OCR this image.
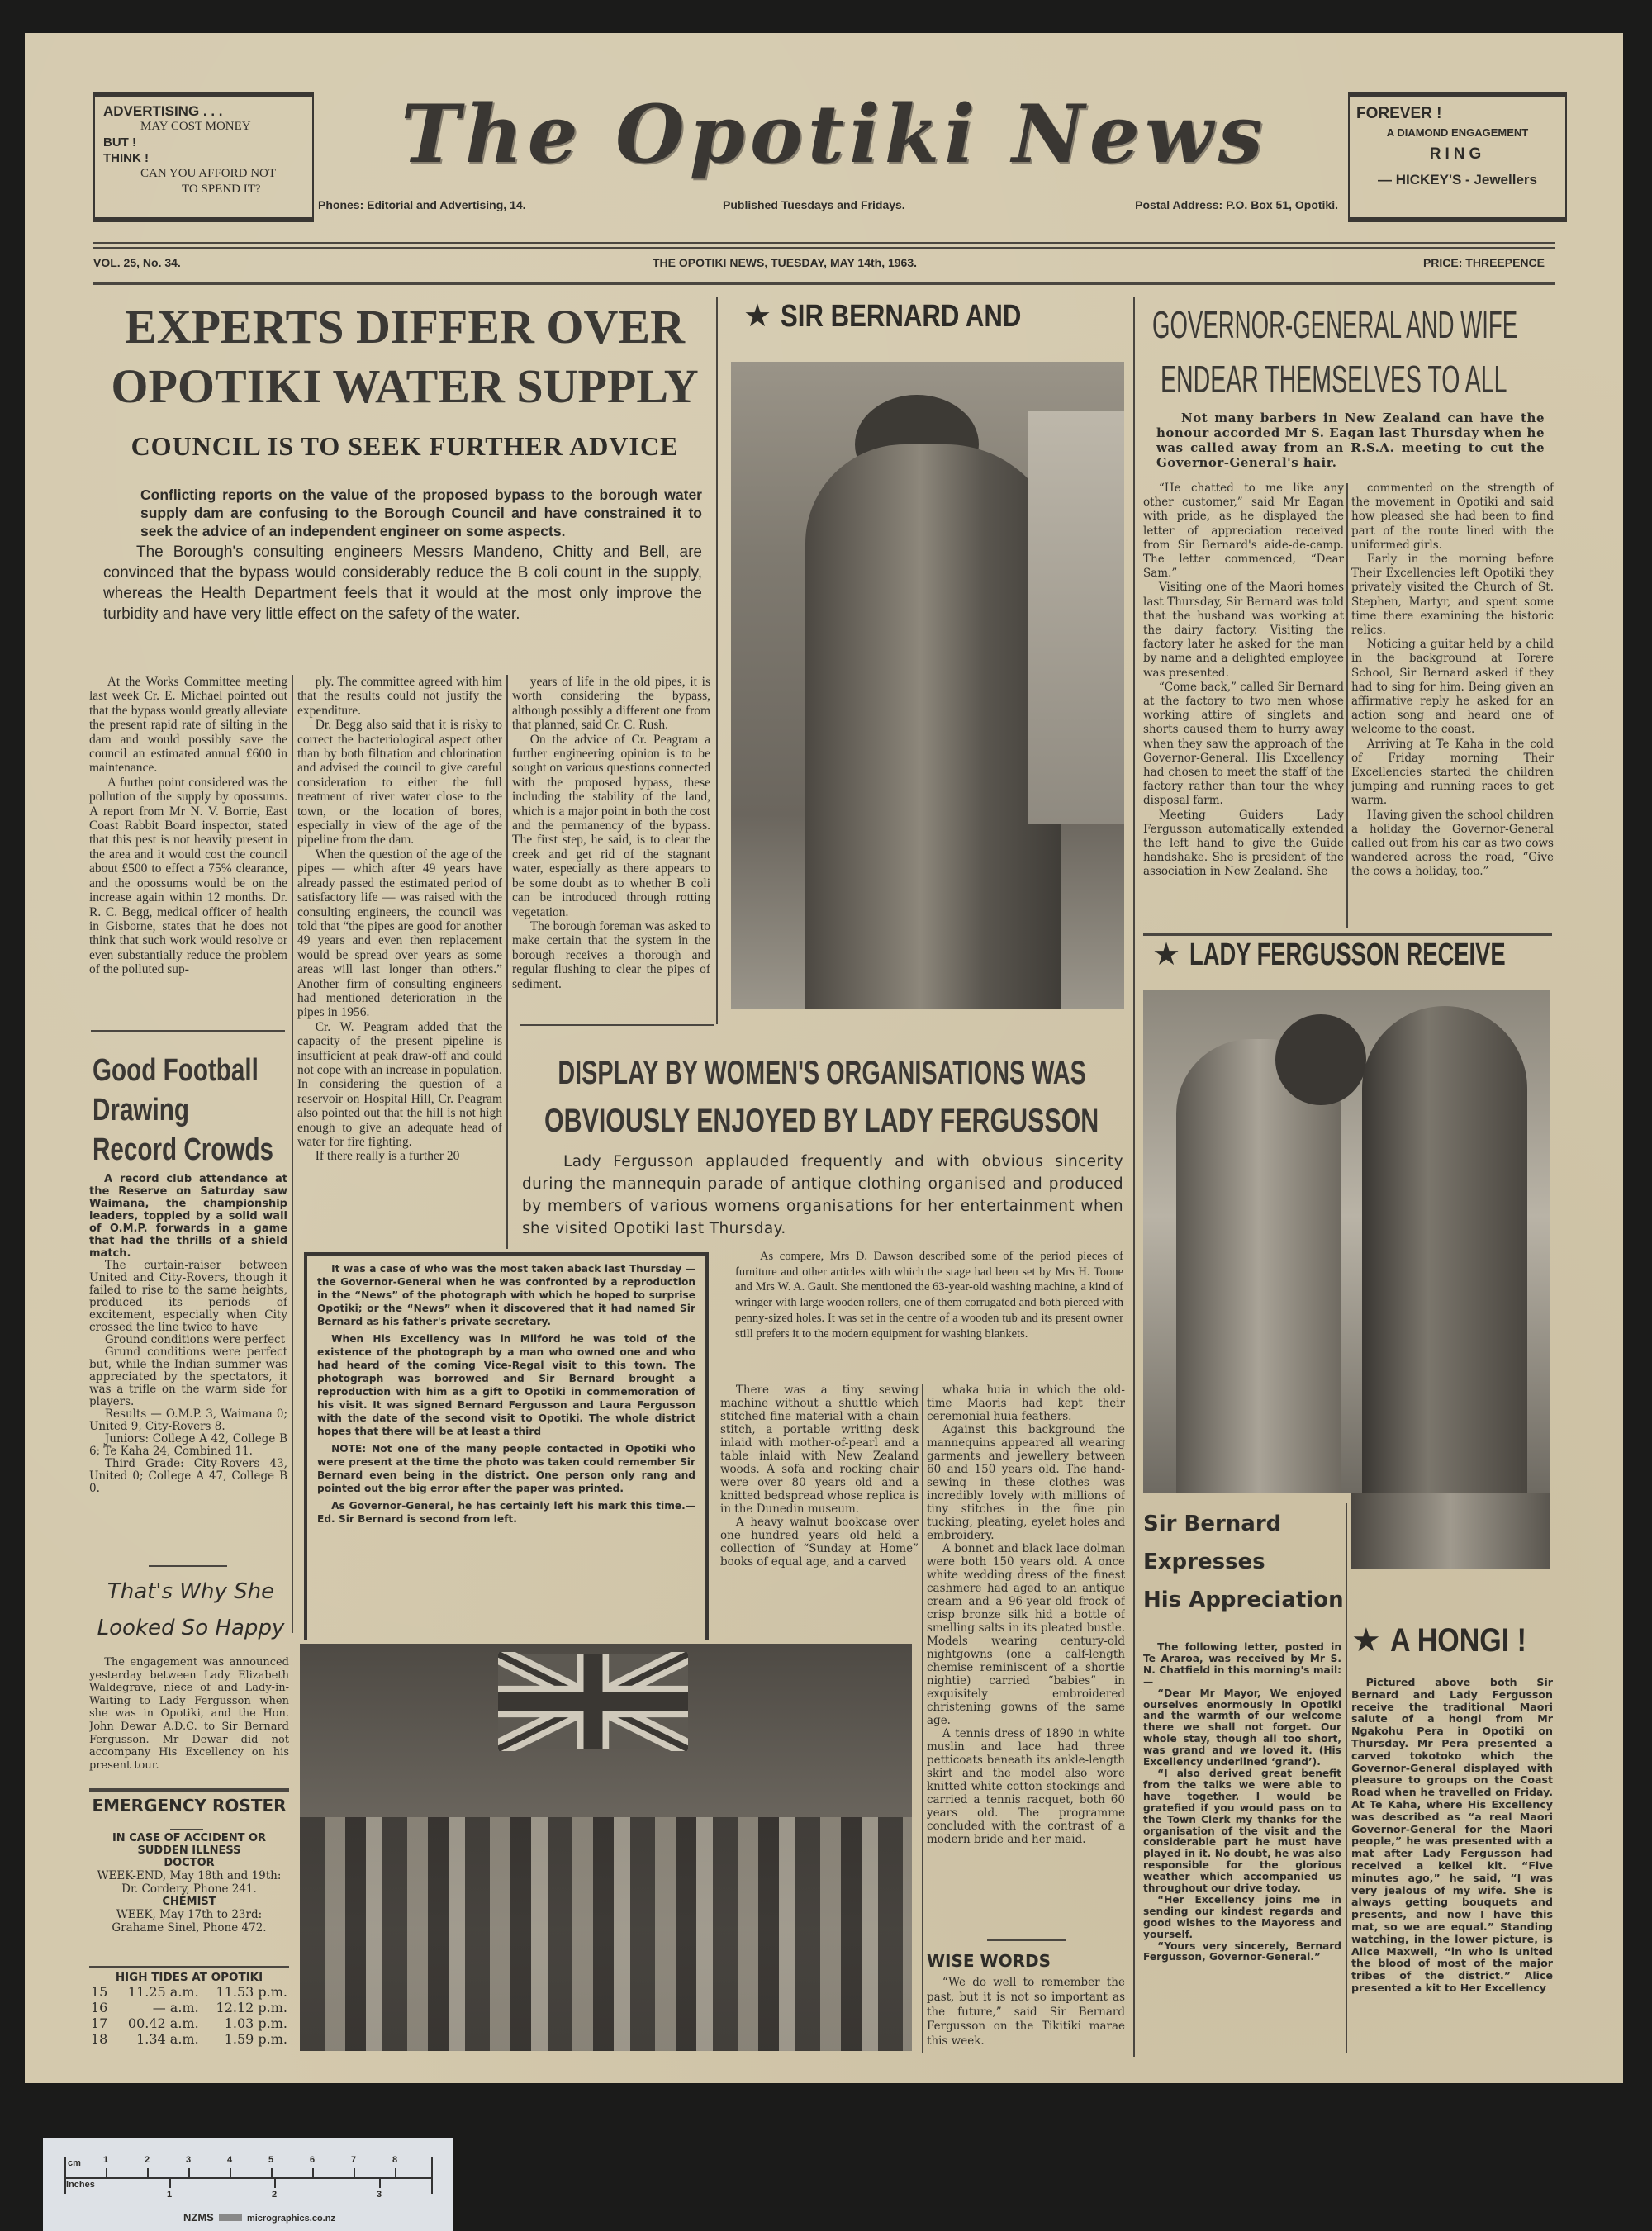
ADVERTISING . . .
MAY COST MONEY
BUT !
THINK !
CAN YOU AFFORD NOT
TO SPEND IT?
The Opotiki News	FOREVER !
A DIAMOND ENGAGEMENT
RING
— HICKEY'S - Jewellers
Phones: Editorial and Advertising, 14.	Published Tuesdays and Fridays.	Postal Address: P.O. Box 51, Opotiki.
VOL. 25, No. 34.	THE OPOTIKI NEWS, TUESDAY, MAY 14th, 1963.	PRICE: THREEPENCE
EXPERTS DIFFER OVER
OPOTIKI WATER SUPPLY
COUNCIL IS TO SEEK FURTHER ADVICE
Conflicting reports on the value of the proposed bypass to the borough water supply dam are confusing to the Borough Council and have constrained it to seek the advice of an independent engineer on some aspects.
The Borough's consulting engineers Messrs Mandeno, Chitty and Bell, are convinced that the bypass would considerably reduce the B coli count in the supply, whereas the Health Department feels that it would at the most only improve the turbidity and have very little effect on the safety of the water.

At the Works Committee meeting last week Cr. E. Michael pointed out that the bypass would greatly alleviate the present rapid rate of silting in the dam and would possibly save the council an estimated annual £600 in maintenance.

A further point considered was the pollution of the supply by opossums. A report from Mr N. V. Borrie, East Coast Rabbit Board inspector, stated that this pest is not heavily present in the area and it would cost the council about £500 to effect a 75% clearance, and the opossums would be on the increase again within 12 months. Dr. R. C. Begg, medical officer of health in Gisborne, states that he does not think that such work would resolve or even substantially reduce the problem of the polluted sup-

ply. The committee agreed with him that the results could not justify the expenditure.

Dr. Begg also said that it is risky to correct the bacteriological aspect other than by both filtration and chlorination and advised the council to give careful consideration to either the full treatment of river water close to the town, or the location of bores, especially in view of the age of the pipeline from the dam.

When the question of the age of the pipes — which after 49 years have already passed the estimated period of satisfactory life — was raised with the consulting engineers, the council was told that “the pipes are good for another 49 years and even then replacement would be spread over years as some areas will last longer than others.” Another firm of consulting engineers had mentioned deterioration in the pipes in 1956.

Cr. W. Peagram added that the capacity of the present pipeline is insufficient at peak draw-off and could not cope with an increase in population. In considering the question of a reservoir on Hospital Hill, Cr. Peagram also pointed out that the hill is not high enough to give an adequate head of water for fire fighting.

If there really is a further 20

years of life in the old pipes, it is worth considering the bypass, although possibly a different one from that planned, said Cr. C. Rush.

On the advice of Cr. Peagram a further engineering opinion is to be sought on various questions connected with the proposed bypass, these including the stability of the land, which is a major point in both the cost and the permanency of the bypass. The first step, he said, is to clear the creek and get rid of the stagnant water, especially as there appears to be some doubt as to whether B coli can be introduced through rotting vegetation.

The borough foreman was asked to make certain that the system in the borough receives a thorough and regular flushing to clear the pipes of sediment.

★ SIR BERNARD AND	GOVERNOR-GENERAL AND WIFE
ENDEAR THEMSELVES TO ALL
Not many barbers in New Zealand can have the honour accorded Mr S. Eagan last Thursday when he was called away from an R.S.A. meeting to cut the Governor-General's hair.

“He chatted to me like any other customer,” said Mr Eagan with pride, as he displayed the letter of appreciation received from Sir Bernard's aide-de-camp. The letter commenced, “Dear Sam.”

Visiting one of the Maori homes last Thursday, Sir Bernard was told that the husband was working at the dairy factory. Visiting the factory later he asked for the man by name and a delighted employee was presented.

“Come back,” called Sir Bernard at the factory to two men whose working attire of singlets and shorts caused them to hurry away when they saw the approach of the Governor-General. His Excellency had chosen to meet the staff of the factory rather than tour the whey disposal farm.

Meeting Guiders Lady Fergusson automatically extended the left hand to give the Guide handshake. She is president of the association in New Zealand. She

commented on the strength of the movement in Opotiki and said how pleased she had been to find part of the route lined with the uniformed girls.

Early in the morning before Their Excellencies left Opotiki they privately visited the Church of St. Stephen, Martyr, and spent some time there examining the historic relics.

Noticing a guitar held by a child in the background at Torere School, Sir Bernard asked if they had to sing for him. Being given an affirmative reply he asked for an action song and heard one of welcome to the coast.

Arriving at Te Kaha in the cold of Friday morning Their Excellencies started the children jumping and running races to get warm.

Having given the school children a holiday the Governor-General called out from his car as two cows wandered across the road, “Give the cows a holiday, too.”

★ LADY FERGUSSON RECEIVE
Good Football
Drawing
Record Crowds
A record club attendance at the Reserve on Saturday saw Waimana, the championship leaders, toppled by a solid wall of O.M.P. forwards in a game that had the thrills of a shield match.

The curtain-raiser between United and City-Rovers, though it failed to rise to the same heights, produced its periods of excitement, especially when City crossed the line twice to have

Ground conditions were perfect

Grund conditions were perfect but, while the Indian summer was appreciated by the spectators, it was a trifle on the warm side for players.

Results — O.M.P. 3, Waimana 0; United 9, City-Rovers 8.

Juniors: College A 42, College B 6; Te Kaha 24, Combined 11.

Third Grade: City-Rovers 43, United 0; College A 47, College B 0.

That's Why She
Looked So Happy

The engagement was announced yesterday between Lady Elizabeth Waldegrave, niece of and Lady-in-Waiting to Lady Fergusson when she was in Opotiki, and the Hon. John Dewar A.D.C. to Sir Bernard Fergusson. Mr Dewar did not accompany His Excellency on his present tour.

EMERGENCY ROSTER
IN CASE OF ACCIDENT OR
SUDDEN ILLNESS
DOCTOR
WEEK-END, May 18th and 19th:
Dr. Cordery, Phone 241.
CHEMIST
WEEK, May 17th to 23rd:
Grahame Sinel, Phone 472.
HIGH TIDES AT OPOTIKI
15	11.25 a.m.	11.53 p.m.
16	— a.m.	12.12 p.m.
17	00.42 a.m.	1.03 p.m.
18	1.34 a.m.	1.59 p.m.

It was a case of who was the most taken aback last Thursday — the Governor-General when he was confronted by a reproduction in the “News” of the photograph with which he hoped to surprise Opotiki; or the “News” when it discovered that it had named Sir Bernard as his father's private secretary.

When His Excellency was in Milford he was told of the existence of the photograph by a man who owned one and who had heard of the coming Vice-Regal visit to this town. The photograph was borrowed and Sir Bernard brought a reproduction with him as a gift to Opotiki in commemoration of his visit. It was signed Bernard Fergusson and Laura Fergusson with the date of the second visit to Opotiki. The whole district hopes that there will be at least a third

NOTE: Not one of the many people contacted in Opotiki who were present at the time the photo was taken could remember Sir Bernard even being in the district. One person only rang and pointed out the big error after the paper was printed.

As Governor-General, he has certainly left his mark this time.—Ed. Sir Bernard is second from left.

DISPLAY BY WOMEN'S ORGANISATIONS WAS
OBVIOUSLY ENJOYED BY LADY FERGUSSON
Lady Fergusson applauded frequently and with obvious sincerity during the mannequin parade of antique clothing organised and produced by members of various womens organisations for her entertainment when she visited Opotiki last Thursday.
As compere, Mrs D. Dawson described some of the period pieces of furniture and other articles with which the stage had been set by Mrs H. Toone and Mrs W. A. Gault. She mentioned the 63-year-old washing machine, a kind of wringer with large wooden rollers, one of them corrugated and both pierced with penny-sized holes. It was set in the centre of a wooden tub and its present owner still prefers it to the modern equipment for washing blankets.

There was a tiny sewing machine without a shuttle which stitched fine material with a chain stitch, a portable writing desk inlaid with mother-of-pearl and a table inlaid with New Zealand woods. A sofa and rocking chair were over 80 years old and a knitted bedspread whose replica is in the Dunedin museum.

A heavy walnut bookcase over one hundred years old held a collection of “Sunday at Home” books of equal age, and a carved

whaka huia in which the old-time Maoris had kept their ceremonial huia feathers.

Against this background the mannequins appeared all wearing garments and jewellery between 60 and 150 years old. The hand-sewing in these clothes was incredibly lovely with millions of tiny stitches in the fine pin tucking, pleating, eyelet holes and embroidery.

A bonnet and black lace dolman were both 150 years old. A once white wedding dress of the finest cashmere had aged to an antique cream and a 96-year-old frock of crisp bronze silk hid a bottle of smelling salts in its pleated bustle. Models wearing century-old nightgowns (one a calf-length chemise reminiscent of a shortie nightie) carried “babies” in exquisitely embroidered christening gowns of the same age.

A tennis dress of 1890 in white muslin and lace had three petticoats beneath its ankle-length skirt and the model also wore knitted white cotton stockings and carried a tennis racquet, both 60 years old. The programme concluded with the contrast of a modern bride and her maid.

WISE WORDS

“We do well to remember the past, but it is not so important as the future,” said Sir Bernard Fergusson on the Tikitiki marae this week.

Sir Bernard
Expresses
His Appreciation

The following letter, posted in Te Araroa, was received by Mr S. N. Chatfield in this morning's mail:—

“Dear Mr Mayor, We enjoyed ourselves enormously in Opotiki and the warmth of our welcome there we shall not forget. Our whole stay, though all too short, was grand and we loved it. (His Excellency underlined ‘grand’).

“I also derived great benefit from the talks we were able to have together. I would be gratefied if you would pass on to the Town Clerk my thanks for the organisation of the visit and the considerable part he must have played in it. No doubt, he was also responsible for the glorious weather which accompanied us throughout our drive today.

“Her Excellency joins me in sending our kindest regards and good wishes to the Mayoress and yourself.

“Yours very sincerely, Bernard Fergusson, Governor-General.”

★ A HONGI !

Pictured above both Sir Bernard and Lady Fergusson receive the traditional Maori salute of a hongi from Mr Ngakohu Pera in Opotiki on Thursday. Mr Pera presented a carved tokotoko which the Governor-General displayed with pleasure to groups on the Coast Road when he travelled on Friday. At Te Kaha, where His Excellency was described as “a real Maori Governor-General for the Maori people,” he was presented with a mat after Lady Fergusson had received a keikei kit. “Five minutes ago,” he said, “I was very jealous of my wife. She is always getting bouquets and presents, and now I have this mat, so we are equal.” Standing watching, in the lower picture, is Alice Maxwell, “in who is united the blood of most of the major tribes of the district.” Alice presented a kit to Her Excellency

cm
Inches
1	2	3	4	5	6	7	8
1	2	3
NZMS	micrographics.co.nz
